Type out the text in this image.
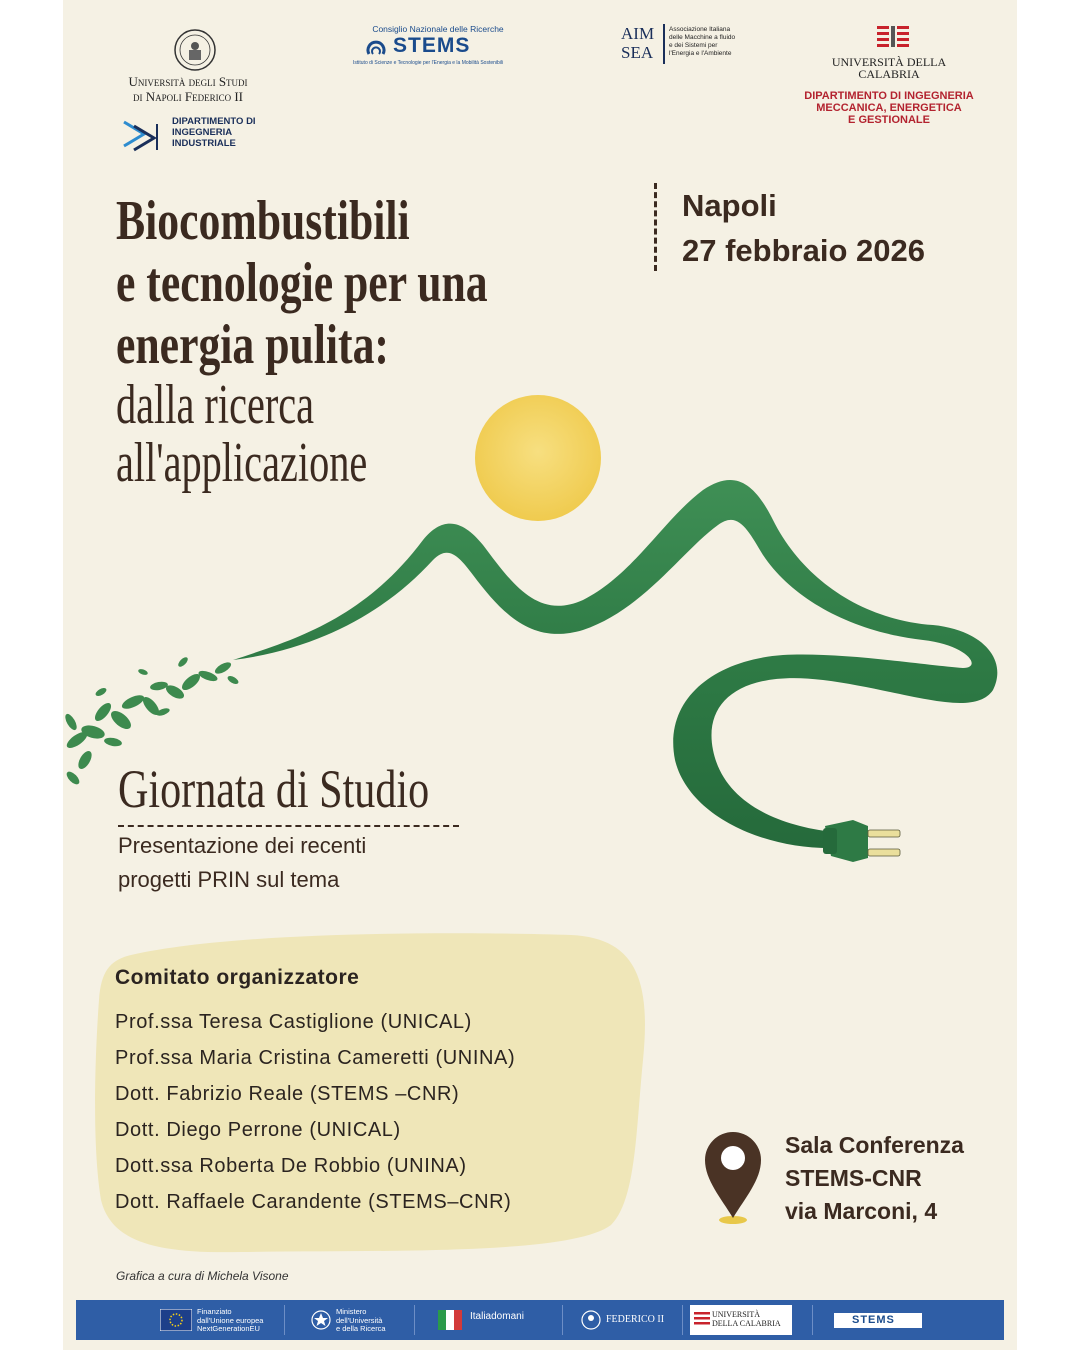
Università degli Studi
di Napoli Federico II
DIPARTIMENTO DI
INGEGNERIA
INDUSTRIALE
Consiglio Nazionale delle Ricerche
STEMS
Istituto di Scienze e Tecnologie per l'Energia e la Mobilità Sostenibili
AIM
SEA
Associazione Italiana
delle Macchine a fluido
e dei Sistemi per
l'Energia e l'Ambiente
UNIVERSITÀ DELLA
CALABRIA
DIPARTIMENTO DI INGEGNERIA
MECCANICA, ENERGETICA
E GESTIONALE
Biocombustibili
e tecnologie per una
energia pulita:
dalla ricerca
all'applicazione
Napoli
27 febbraio 2026
Giornata di Studio
Presentazione dei recenti
progetti PRIN sul tema
Comitato organizzatore
Prof.ssa Teresa Castiglione (UNICAL)
Prof.ssa Maria Cristina Cameretti (UNINA)
Dott. Fabrizio Reale (STEMS –CNR)
Dott. Diego Perrone (UNICAL)
Dott.ssa Roberta De Robbio (UNINA)
Dott. Raffaele Carandente (STEMS–CNR)
Sala Conferenza
STEMS-CNR
via Marconi, 4
Grafica a cura di Michela Visone
Finanziato
dall'Unione europea
NextGenerationEU
Ministero
dell'Università
e della Ricerca
Italiadomani	FEDERICO II	UNIVERSITÀ
DELLA CALABRIA	STEMS
